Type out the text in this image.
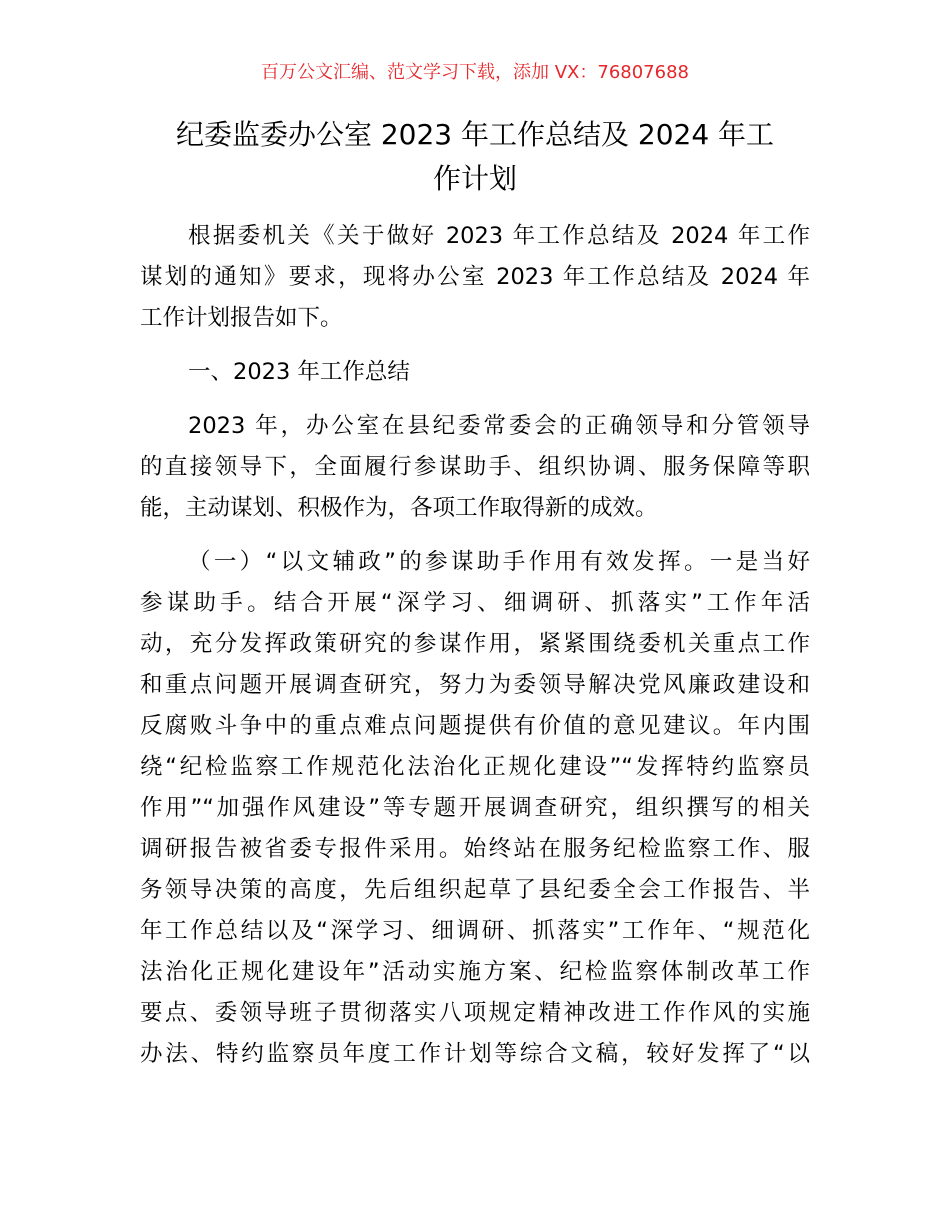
百万公文汇编、范文学习下载，添加 VX：76807688
纪委监委办公室 2023 年工作总结及 2024 年工
作计划
根据委机关《关于做好 2023 年工作总结及 2024 年工作
谋划的通知》要求，现将办公室 2023 年工作总结及 2024 年
工作计划报告如下。
一、2023 年工作总结
2023 年，办公室在县纪委常委会的正确领导和分管领导
的直接领导下，全面履行参谋助手、组织协调、服务保障等职
能，主动谋划、积极作为，各项工作取得新的成效。
（一）“以文辅政”的参谋助手作用有效发挥。一是当好
参谋助手。结合开展“深学习、细调研、抓落实”工作年活
动，充分发挥政策研究的参谋作用，紧紧围绕委机关重点工作
和重点问题开展调查研究，努力为委领导解决党风廉政建设和
反腐败斗争中的重点难点问题提供有价值的意见建议。年内围
绕“纪检监察工作规范化法治化正规化建设”“发挥特约监察员
作用”“加强作风建设”等专题开展调查研究，组织撰写的相关
调研报告被省委专报件采用。始终站在服务纪检监察工作、服
务领导决策的高度，先后组织起草了县纪委全会工作报告、半
年工作总结以及“深学习、细调研、抓落实”工作年、“规范化
法治化正规化建设年”活动实施方案、纪检监察体制改革工作
要点、委领导班子贯彻落实八项规定精神改进工作作风的实施
办法、特约监察员年度工作计划等综合文稿，较好发挥了“以
